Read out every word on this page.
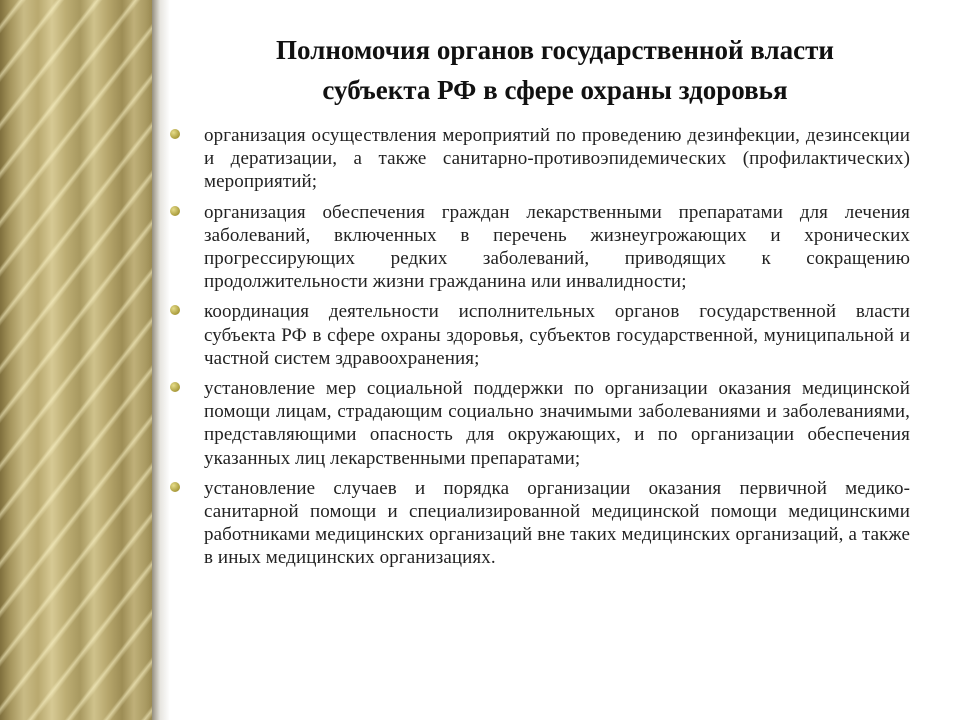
Полномочия органов государственной власти
субъекта РФ в сфере охраны здоровья
организация осуществления мероприятий по проведению дезинфекции, дезинсекции и дератизации, а также санитарно-противоэпидемических (профилактических) мероприятий;
организация обеспечения граждан лекарственными препаратами для лечения заболеваний, включенных в перечень жизнеугрожающих и хронических прогрессирующих редких заболеваний, приводящих к сокращению продолжительности жизни гражданина или инвалидности;
координация деятельности исполнительных органов государственной власти субъекта РФ в сфере охраны здоровья, субъектов государственной, муниципальной и частной систем здравоохранения;
установление мер социальной поддержки по организации оказания медицинской помощи лицам, страдающим социально значимыми заболеваниями и заболеваниями, представляющими опасность для окружающих, и по организации обеспечения указанных лиц лекарственными препаратами;
установление случаев и порядка организации оказания первичной медико-санитарной помощи и специализированной медицинской помощи медицинскими работниками медицинских организаций вне таких медицинских организаций, а также в иных медицинских организациях.
